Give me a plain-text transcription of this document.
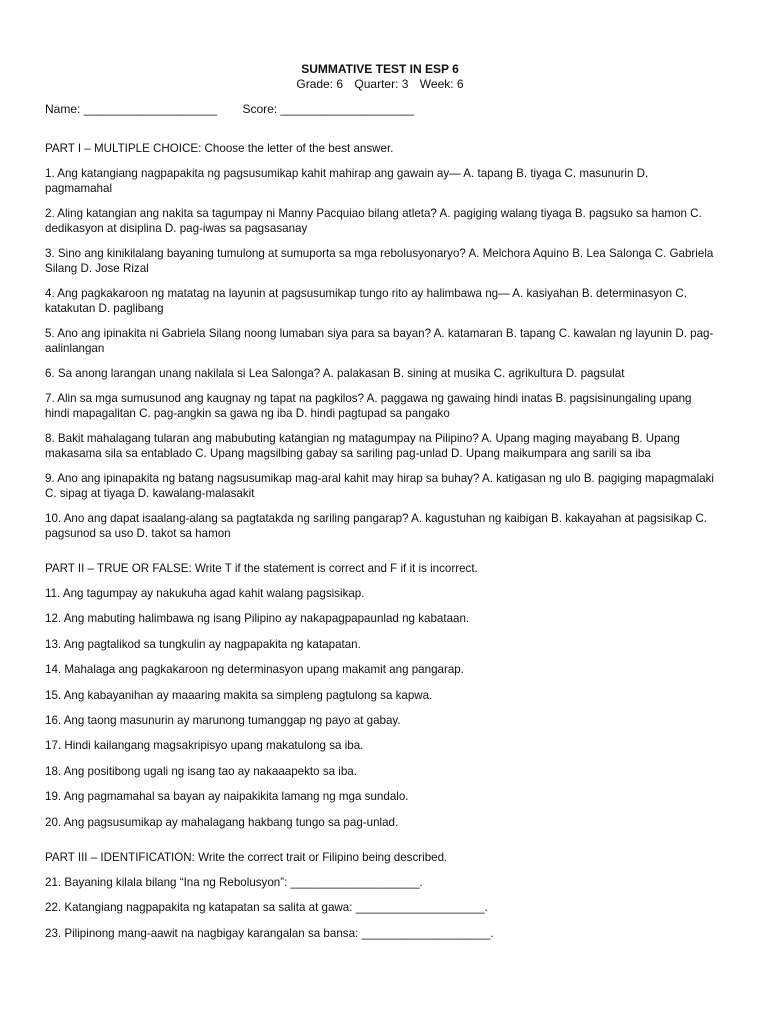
SUMMATIVE TEST IN ESP 6

Grade: 6 Quarter: 3 Week: 6

Name: ____________________ Score: ____________________

PART I – MULTIPLE CHOICE: Choose the letter of the best answer.

1. Ang katangiang nagpapakita ng pagsusumikap kahit mahirap ang gawain ay— A. tapang B. tiyaga C. masunurin D. pagmamahal

2. Aling katangian ang nakita sa tagumpay ni Manny Pacquiao bilang atleta? A. pagiging walang tiyaga B. pagsuko sa hamon C. dedikasyon at disiplina D. pag-iwas sa pagsasanay

3. Sino ang kinikilalang bayaning tumulong at sumuporta sa mga rebolusyonaryo? A. Melchora Aquino B. Lea Salonga C. Gabriela Silang D. Jose Rizal

4. Ang pagkakaroon ng matatag na layunin at pagsusumikap tungo rito ay halimbawa ng— A. kasiyahan B. determinasyon C. katakutan D. paglibang

5. Ano ang ipinakita ni Gabriela Silang noong lumaban siya para sa bayan? A. katamaran B. tapang C. kawalan ng layunin D. pag-aalinlangan

6. Sa anong larangan unang nakilala si Lea Salonga? A. palakasan B. sining at musika C. agrikultura D. pagsulat

7. Alin sa mga sumusunod ang kaugnay ng tapat na pagkilos? A. paggawa ng gawaing hindi inatas B. pagsisinungaling upang hindi mapagalitan C. pag-angkin sa gawa ng iba D. hindi pagtupad sa pangako

8. Bakit mahalagang tularan ang mabubuting katangian ng matagumpay na Pilipino? A. Upang maging mayabang B. Upang makasama sila sa entablado C. Upang magsilbing gabay sa sariling pag-unlad D. Upang maikumpara ang sarili sa iba

9. Ano ang ipinapakita ng batang nagsusumikap mag-aral kahit may hirap sa buhay? A. katigasan ng ulo B. pagiging mapagmalaki C. sipag at tiyaga D. kawalang-malasakit

10. Ano ang dapat isaalang-alang sa pagtatakda ng sariling pangarap? A. kagustuhan ng kaibigan B. kakayahan at pagsisikap C. pagsunod sa uso D. takot sa hamon

PART II – TRUE OR FALSE: Write T if the statement is correct and F if it is incorrect.

11. Ang tagumpay ay nakukuha agad kahit walang pagsisikap.

12. Ang mabuting halimbawa ng isang Pilipino ay nakapagpapaunlad ng kabataan.

13. Ang pagtalikod sa tungkulin ay nagpapakita ng katapatan.

14. Mahalaga ang pagkakaroon ng determinasyon upang makamit ang pangarap.

15. Ang kabayanihan ay maaaring makita sa simpleng pagtulong sa kapwa.

16. Ang taong masunurin ay marunong tumanggap ng payo at gabay.

17. Hindi kailangang magsakripisyo upang makatulong sa iba.

18. Ang positibong ugali ng isang tao ay nakaaapekto sa iba.

19. Ang pagmamahal sa bayan ay naipakikita lamang ng mga sundalo.

20. Ang pagsusumikap ay mahalagang hakbang tungo sa pag-unlad.

PART III – IDENTIFICATION: Write the correct trait or Filipino being described.

21. Bayaning kilala bilang “Ina ng Rebolusyon”: ____________________.

22. Katangiang nagpapakita ng katapatan sa salita at gawa: ____________________.

23. Pilipinong mang-aawit na nagbigay karangalan sa bansa: ____________________.
